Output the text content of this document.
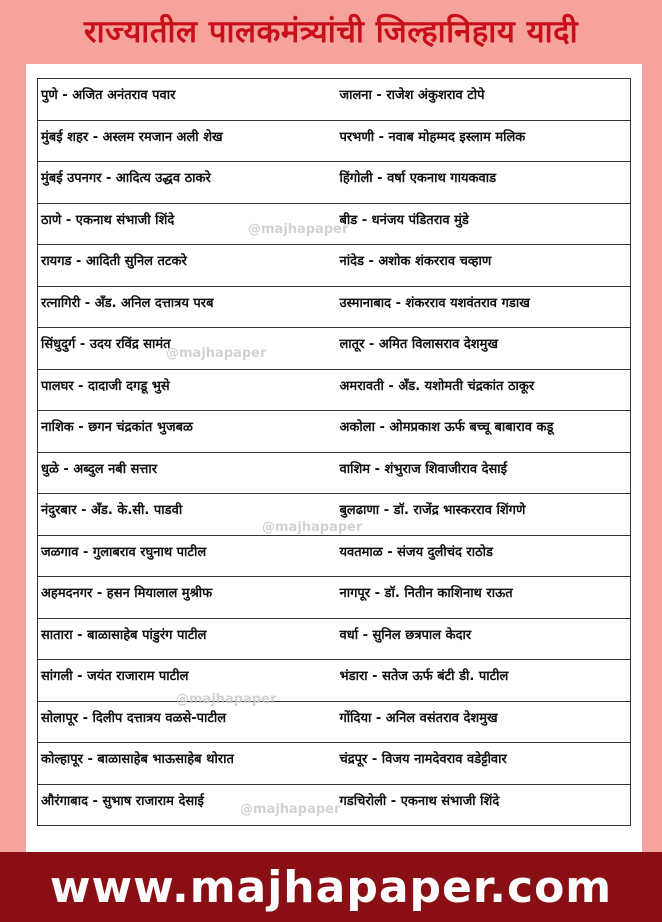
राज्यातील पालकमंत्र्यांची जिल्हानिहाय यादी
पुणे - अजित अनंतराव पवार	जालना - राजेश अंकुशराव टोपे
मुंबई शहर - अस्लम रमजान अली शेख	परभणी - नवाब मोहम्मद इस्लाम मलिक
मुंबई उपनगर - आदित्य उद्धव ठाकरे	हिंगोली - वर्षा एकनाथ गायकवाड
ठाणे - एकनाथ संभाजी शिंदे	बीड - धनंजय पंडितराव मुंडे
रायगड - आदिती सुनिल तटकरे	नांदेड - अशोक शंकरराव चव्हाण
रत्नागिरी - अँड. अनिल दत्तात्रय परब	उस्मानाबाद - शंकरराव यशवंतराव गडाख
सिंधुदुर्ग - उदय रविंद्र सामंत	लातूर - अमित विलासराव देशमुख
पालघर - दादाजी दगडू भुसे	अमरावती - अँड. यशोमती चंद्रकांत ठाकूर
नाशिक - छगन चंद्रकांत भुजबळ	अकोला - ओमप्रकाश ऊर्फ बच्चू बाबाराव कडू
धुळे - अब्दुल नबी सत्तार	वाशिम - शंभुराज शिवाजीराव देसाई
नंदुरबार - अँड. के.सी. पाडवी	बुलढाणा - डॉ. राजेंद्र भास्करराव शिंगणे
जळगाव - गुलाबराव रघुनाथ पाटील	यवतमाळ - संजय दुलीचंद राठोड
अहमदनगर - हसन मियालाल मुश्रीफ	नागपूर - डॉ. नितीन काशिनाथ राऊत
सातारा - बाळासाहेब पांडुरंग पाटील	वर्धा - सुनिल छत्रपाल केदार
सांगली - जयंत राजाराम पाटील	भंडारा - सतेज ऊर्फ बंटी डी. पाटील
सोलापूर - दिलीप दत्तात्रय वळसे-पाटील	गोंदिया - अनिल वसंतराव देशमुख
कोल्हापूर - बाळासाहेब भाऊसाहेब थोरात	चंद्रपूर - विजय नामदेवराव वडेट्टीवार
औरंगाबाद - सुभाष राजाराम देसाई	गडचिरोली - एकनाथ संभाजी शिंदे
@majhapaper
@majhapaper
@majhapaper
@majhapaper
@majhapaper
www.majhapaper.com
